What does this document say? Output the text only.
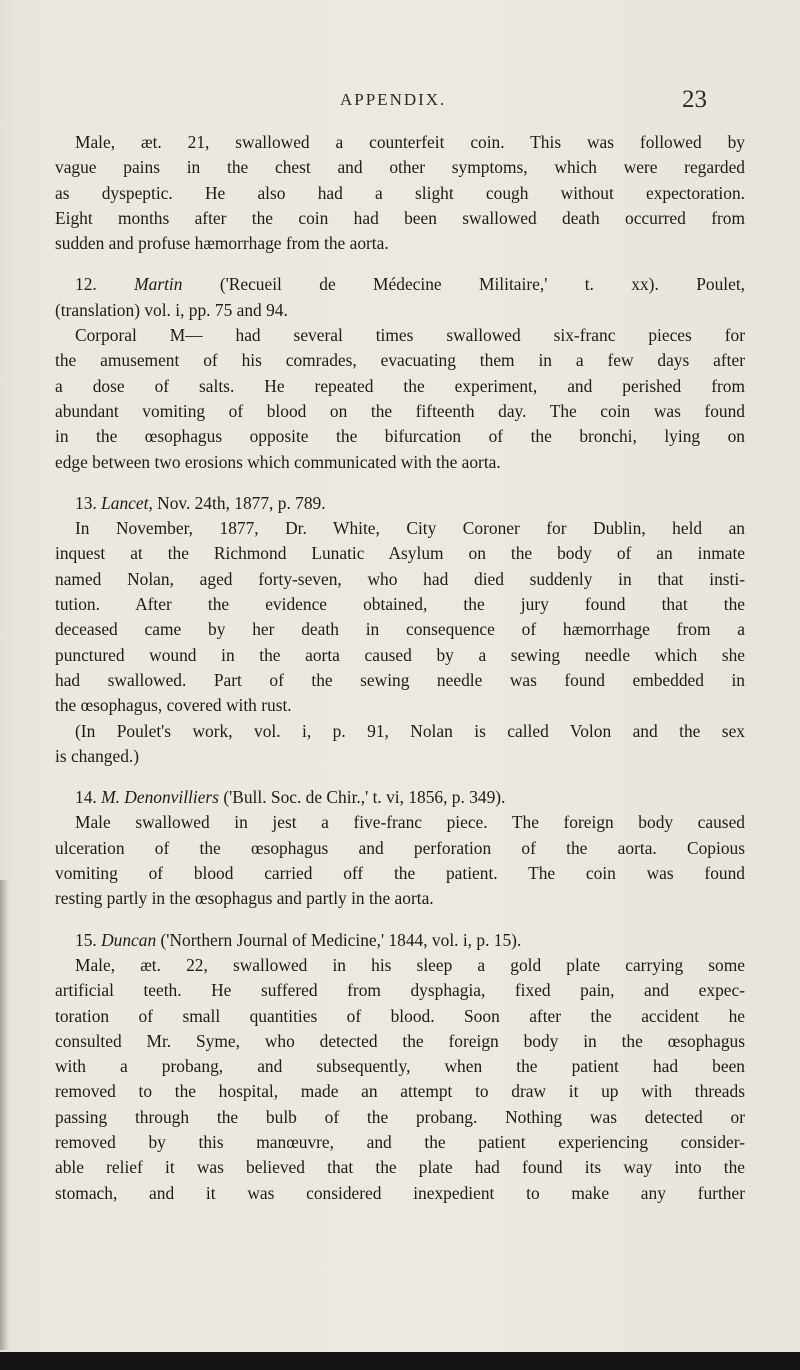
APPENDIX.	23
Male, æt. 21, swallowed a counterfeit coin. This was followed by
vague pains in the chest and other symptoms, which were regarded
as dyspeptic. He also had a slight cough without expectoration.
Eight months after the coin had been swallowed death occurred from
sudden and profuse hæmorrhage from the aorta.
12. Martin ('Recueil de Médecine Militaire,' t. xx). Poulet,
(translation) vol. i, pp. 75 and 94.
Corporal M— had several times swallowed six-franc pieces for
the amusement of his comrades, evacuating them in a few days after
a dose of salts. He repeated the experiment, and perished from
abundant vomiting of blood on the fifteenth day. The coin was found
in the œsophagus opposite the bifurcation of the bronchi, lying on
edge between two erosions which communicated with the aorta.
13. Lancet, Nov. 24th, 1877, p. 789.
In November, 1877, Dr. White, City Coroner for Dublin, held an
inquest at the Richmond Lunatic Asylum on the body of an inmate
named Nolan, aged forty-seven, who had died suddenly in that insti-
tution. After the evidence obtained, the jury found that the
deceased came by her death in consequence of hæmorrhage from a
punctured wound in the aorta caused by a sewing needle which she
had swallowed. Part of the sewing needle was found embedded in
the œsophagus, covered with rust.
(In Poulet's work, vol. i, p. 91, Nolan is called Volon and the sex
is changed.)
14. M. Denonvilliers ('Bull. Soc. de Chir.,' t. vi, 1856, p. 349).
Male swallowed in jest a five-franc piece. The foreign body caused
ulceration of the œsophagus and perforation of the aorta. Copious
vomiting of blood carried off the patient. The coin was found
resting partly in the œsophagus and partly in the aorta.
15. Duncan ('Northern Journal of Medicine,' 1844, vol. i, p. 15).
Male, æt. 22, swallowed in his sleep a gold plate carrying some
artificial teeth. He suffered from dysphagia, fixed pain, and expec-
toration of small quantities of blood. Soon after the accident he
consulted Mr. Syme, who detected the foreign body in the œsophagus
with a probang, and subsequently, when the patient had been
removed to the hospital, made an attempt to draw it up with threads
passing through the bulb of the probang. Nothing was detected or
removed by this manœuvre, and the patient experiencing consider-
able relief it was believed that the plate had found its way into the
stomach, and it was considered inexpedient to make any further
